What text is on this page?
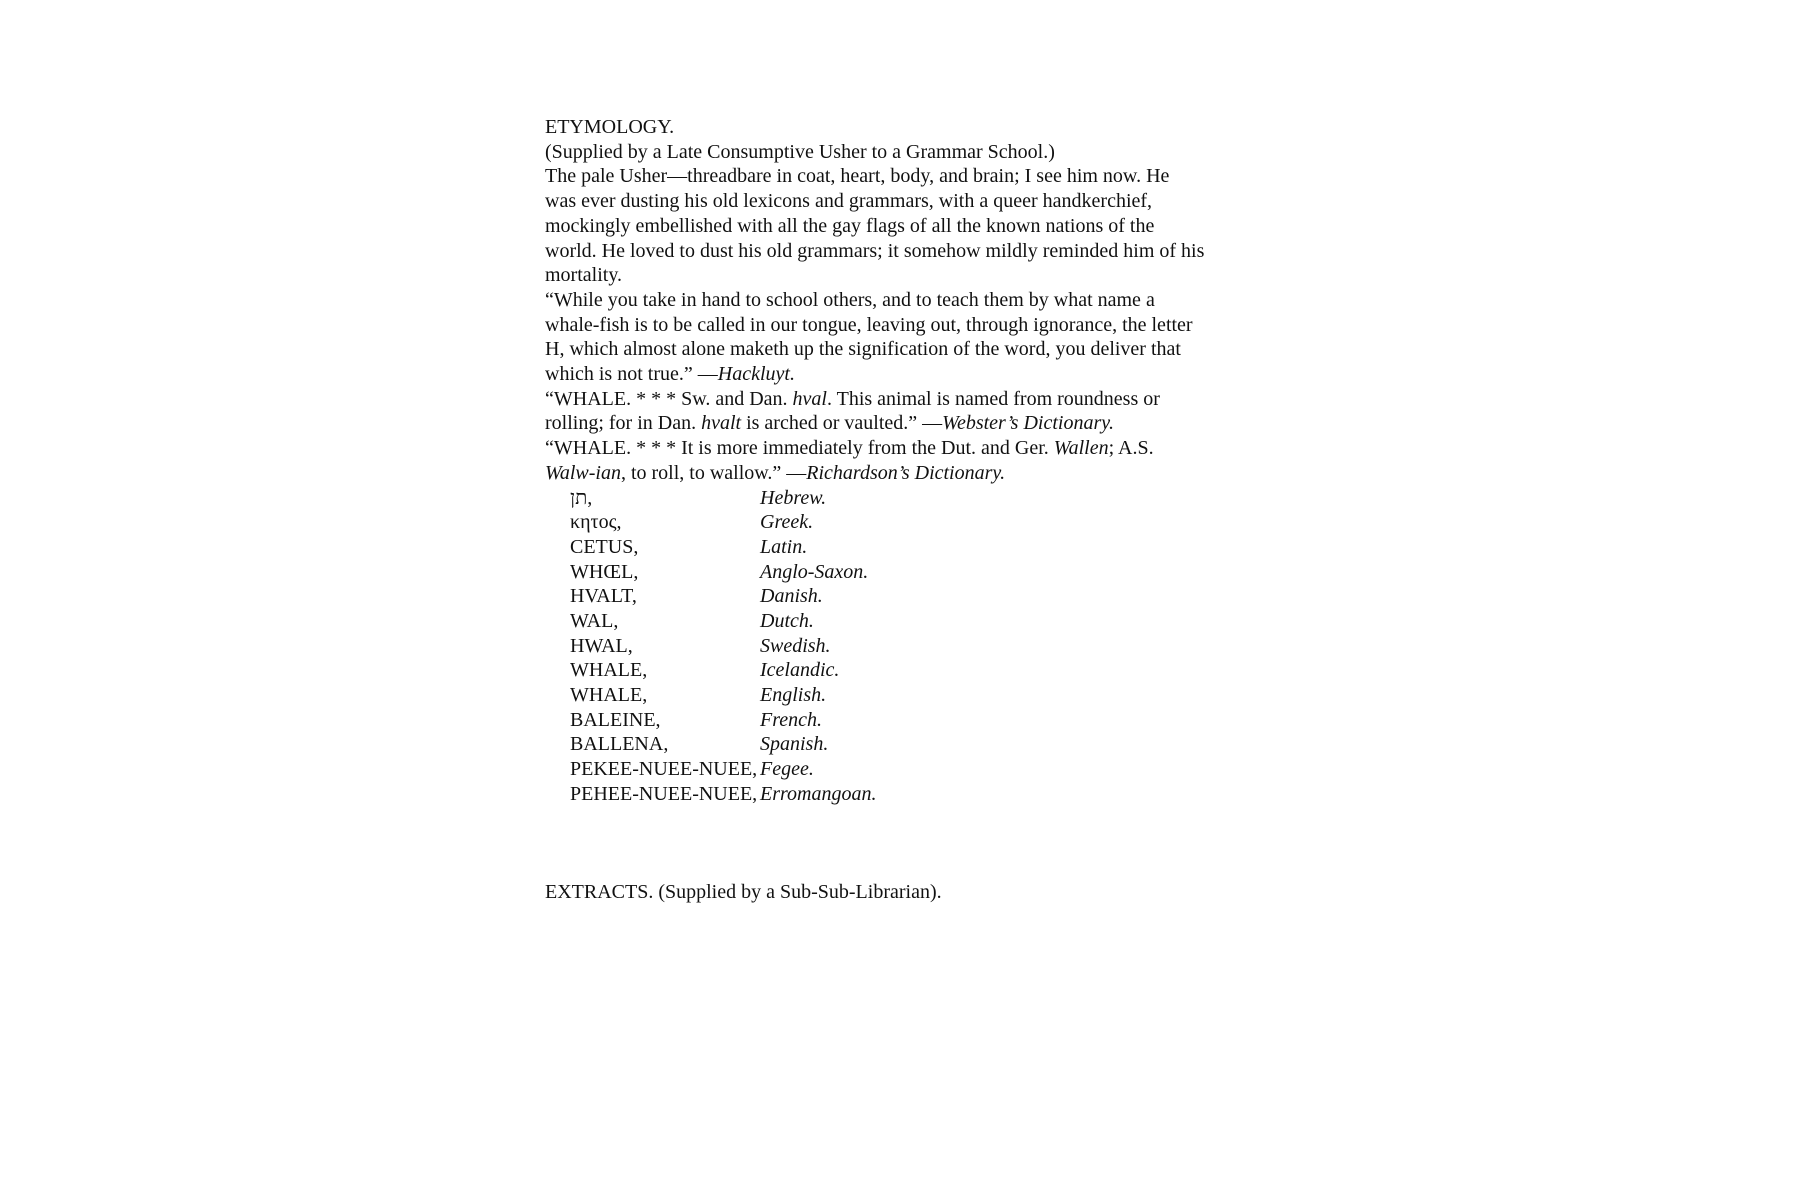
ETYMOLOGY.

(Supplied by a Late Consumptive Usher to a Grammar School.)

The pale Usher—threadbare in coat, heart, body, and brain; I see him now. He was ever dusting his old lexicons and grammars, with a queer handkerchief, mockingly embellished with all the gay flags of all the known nations of the world. He loved to dust his old grammars; it somehow mildly reminded him of his mortality.

“While you take in hand to school others, and to teach them by what name a whale-fish is to be called in our tongue, leaving out, through ignorance, the letter H, which almost alone maketh up the signification of the word, you deliver that which is not true.” —Hackluyt.

“WHALE. * * * Sw. and Dan. hval. This animal is named from roundness or rolling; for in Dan. hvalt is arched or vaulted.” —Webster’s Dictionary.

“WHALE. * * * It is more immediately from the Dut. and Ger. Wallen; A.S. Walw-ian, to roll, to wallow.” —Richardson’s Dictionary.

תן,	Hebrew.
κητος,	Greek.
CETUS,	Latin.
WHŒL,	Anglo-Saxon.
HVALT,	Danish.
WAL,	Dutch.
HWAL,	Swedish.
WHALE,	Icelandic.
WHALE,	English.
BALEINE,	French.
BALLENA,	Spanish.
PEKEE-NUEE-NUEE, Fegee.
PEHEE-NUEE-NUEE, Erromangoan.

EXTRACTS. (Supplied by a Sub-Sub-Librarian).
